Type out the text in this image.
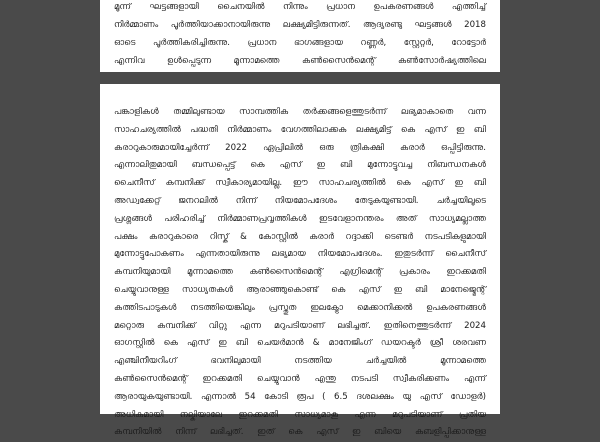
മൂന്ന് ഘട്ടങ്ങളായി ചൈനയിൽ നിന്നും പ്രധാന ഉപകരണങ്ങൾ എത്തിച്ച്
നിർമ്മാണം പൂർത്തിയാക്കാനായിരുന്നു ലക്ഷ്യമിട്ടിരുന്നത്. ആദ്യരണ്ടു ഘട്ടങ്ങൾ 2018
ഓടെ പൂർത്തികരിച്ചിരുന്നു. പ്രധാന ഭാഗങ്ങളായ റണ്ണർ, സ്റ്റേറ്റർ, റോട്ടോർ
എന്നിവ ഉൾപ്പെടുന്ന മൂന്നാമത്തെ കൺസൈൻമെന്റ് കൺസോർഷ്യത്തിലെ
പങ്കാളികൾ തമ്മിലുണ്ടായ സാമ്പത്തിക തർക്കങ്ങളെത്തുടർന്ന് ലഭ്യമാകാതെ വന്ന
സാഹചര്യത്തിൽ പദ്ധതി നിർമ്മാണം വേഗത്തിലാക്കക ലക്ഷ്യമിട്ട് കെ എസ് ഇ ബി
കരാറുകാരുമായിച്ചേർന്ന് 2022 ഏപ്രിലിൽ ഒരു ത്രികക്ഷി കരാർ ഒപ്പിട്ടിരുന്നു.
എന്നാലിതുമായി ബന്ധപ്പെട്ട് കെ എസ് ഇ ബി മുന്നോട്ടുവച്ച നിബന്ധനകൾ
ചൈനീസ് കമ്പനിക്ക് സ്വീകാര്യമായില്ല. ഈ സാഹചര്യത്തിൽ കെ എസ് ഇ ബി
അഡ്വക്കേറ്റ് ജനറലിൽ നിന്ന് നിയമോപദേശം തേടുകയുണ്ടായി. ചർച്ചയിലൂടെ
പ്രശ്നങ്ങൾ പരിഹരിച്ച് നിർമ്മാണപ്രവൃത്തികൾ ഇടവേളാനന്തരം അത് സാധ്യമല്ലാത്ത
പക്ഷം കരാറുകാരെ റിസ്ക് & കോസ്റ്റിൽ കരാർ റദ്ദാക്കി ടെണ്ടർ നടപടികളുമായി
മുന്നോട്ടുപോകണം എന്നതായിരുന്നു ലഭ്യമായ നിയമോപദേശം. ഇതുടർന്ന് ചൈനീസ്
കമ്പനിയുമായി മൂന്നാമത്തെ കൺസൈൻമെന്റ് എഗ്രിമെന്റ് പ്രകാരം ഇറക്കമതി
ചെയ്യുവാനുള്ള സാധ്യതകൾ ആരാഞ്ഞുകൊണ്ട് കെ എസ് ഇ ബി മാനേജ്മെന്റ്
കത്തിടപാടുകൾ നടത്തിയെങ്കിലും പ്രസ്തുത ഇലക്ട്രോ മെക്കാനിക്കൽ ഉപകരണങ്ങൾ
മറ്റൊരു കമ്പനിക്ക് വിറ്റു എന്ന മറുപടിയാണ് ലഭിച്ചത്. ഇതിനെത്തുടർന്ന് 2024
ഓഗസ്റ്റിൽ കെ എസ് ഇ ബി ചെയർമാൻ & മാനേജിംഗ് ഡയറക്ടർ ശ്രീ ശരവണ
എഞ്ചിനീയറിംഗ് ഭവനിലുമായി നടത്തിയ ചർച്ചയിൽ മൂന്നാമത്തെ
കൺസൈൻമെന്റ് ഇറക്കമതി ചെയ്യുവാൻ എന്തു നടപടി സ്വീകരിക്കണം എന്ന്
ആരായുകയുണ്ടായി. എന്നാൽ 54 കോടി രൂപ ( 6.5 ദശലക്ഷം യു എസ് ഡോളർ)
അധികമായി നല്കിയാലേ ഇറക്കമതി സാധ്യമാകൂ എന്ന മറുപടിയാണ് പ്രതിയ
കമ്പനിയിൽ നിന്ന് ലഭിച്ചത്. ഇത് കെ എസ് ഇ ബിയെ കബളിപ്പിക്കാനുള്ള
